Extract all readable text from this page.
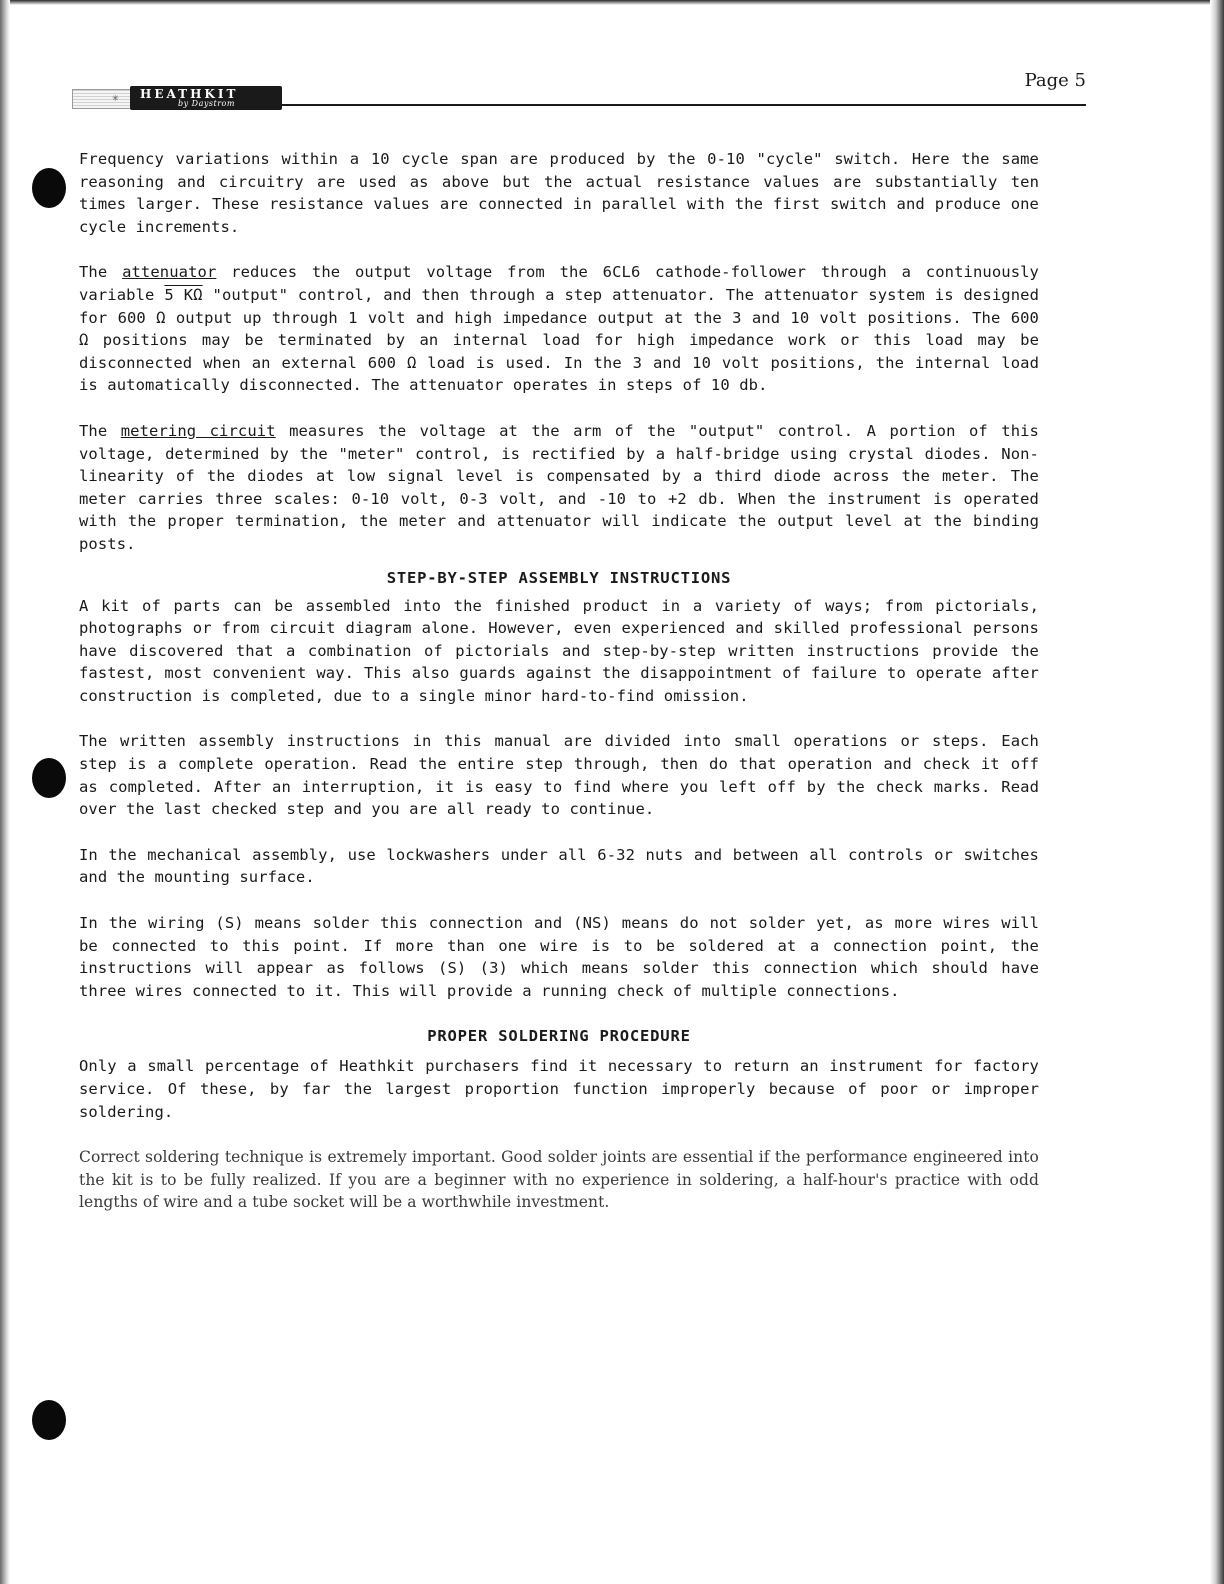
✳	HEATHKIT
by Daystrom
Page 5

Frequency variations within a 10 cycle span are produced by the 0-10 "cycle" switch. Here the same reasoning and circuitry are used as above but the actual resistance values are substantially ten times larger. These resistance values are connected in parallel with the first switch and produce one cycle increments.

The attenuator reduces the output voltage from the 6CL6 cathode-follower through a continuously variable 5 KΩ "output" control, and then through a step attenuator. The attenuator system is designed for 600 Ω output up through 1 volt and high impedance output at the 3 and 10 volt positions. The 600 Ω positions may be terminated by an internal load for high impedance work or this load may be disconnected when an external 600 Ω load is used. In the 3 and 10 volt positions, the internal load is automatically disconnected. The attenuator operates in steps of 10 db.

The metering circuit measures the voltage at the arm of the "output" control. A portion of this voltage, determined by the "meter" control, is rectified by a half-bridge using crystal diodes. Non-linearity of the diodes at low signal level is compensated by a third diode across the meter. The meter carries three scales: 0-10 volt, 0-3 volt, and -10 to +2 db. When the instrument is operated with the proper termination, the meter and attenuator will indicate the output level at the binding posts.

STEP-BY-STEP ASSEMBLY INSTRUCTIONS

A kit of parts can be assembled into the finished product in a variety of ways; from pictorials, photographs or from circuit diagram alone. However, even experienced and skilled professional persons have discovered that a combination of pictorials and step-by-step written instructions provide the fastest, most convenient way. This also guards against the disappointment of failure to operate after construction is completed, due to a single minor hard-to-find omission.

The written assembly instructions in this manual are divided into small operations or steps. Each step is a complete operation. Read the entire step through, then do that operation and check it off as completed. After an interruption, it is easy to find where you left off by the check marks. Read over the last checked step and you are all ready to continue.

In the mechanical assembly, use lockwashers under all 6-32 nuts and between all controls or switches and the mounting surface.

In the wiring (S) means solder this connection and (NS) means do not solder yet, as more wires will be connected to this point. If more than one wire is to be soldered at a connection point, the instructions will appear as follows (S) (3) which means solder this connection which should have three wires connected to it. This will provide a running check of multiple connections.

PROPER SOLDERING PROCEDURE

Only a small percentage of Heathkit purchasers find it necessary to return an instrument for factory service. Of these, by far the largest proportion function improperly because of poor or improper soldering.

Correct soldering technique is extremely important. Good solder joints are essential if the performance engineered into the kit is to be fully realized. If you are a beginner with no experience in soldering, a half-hour's practice with odd lengths of wire and a tube socket will be a worthwhile investment.
